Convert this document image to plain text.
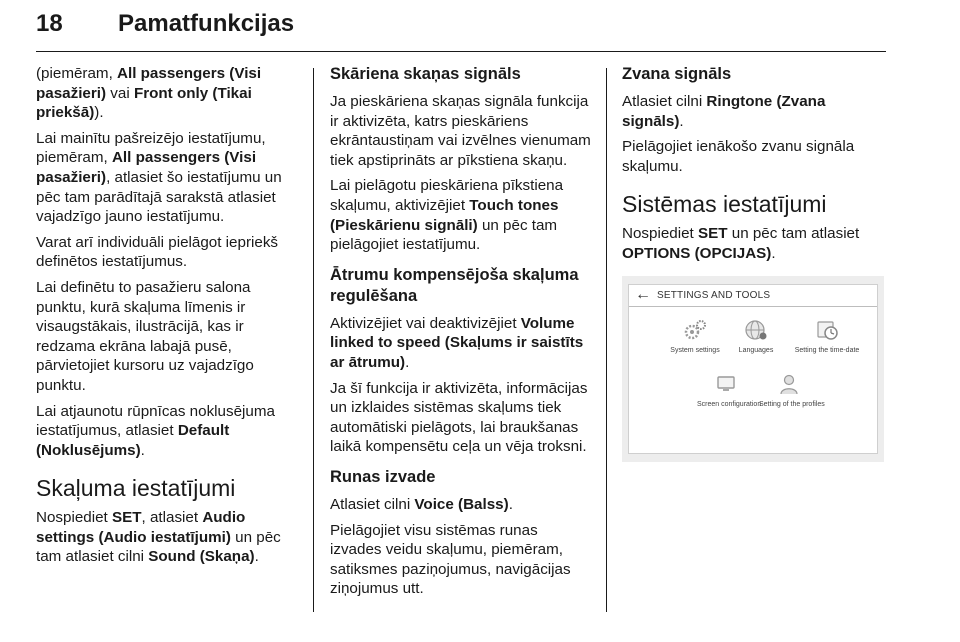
18 Pamatfunkcijas

(piemēram, All passengers (Visi pasažieri) vai Front only (Tikai priekšā)).

Lai mainītu pašreizējo iestatījumu, piemēram, All passengers (Visi pasažieri), atlasiet šo iestatījumu un pēc tam parādītajā sarakstā atlasiet vajadzīgo jauno iestatījumu.

Varat arī individuāli pielāgot iepriekš definētos iestatījumus.

Lai definētu to pasažieru salona punktu, kurā skaļuma līmenis ir visaugstākais, ilustrācijā, kas ir redzama ekrāna labajā pusē, pārvietojiet kursoru uz vajadzīgo punktu.

Lai atjaunotu rūpnīcas noklusējuma iestatījumus, atlasiet Default (Noklusējums).

Skaļuma iestatījumi

Nospiediet SET, atlasiet Audio settings (Audio iestatījumi) un pēc tam atlasiet cilni Sound (Skaņa).

Skāriena skaņas signāls

Ja pieskāriena skaņas signāla funkcija ir aktivizēta, katrs pieskāriens ekrāntaustiņam vai izvēlnes vienumam tiek apstiprināts ar pīkstiena skaņu.

Lai pielāgotu pieskāriena pīkstiena skaļumu, aktivizējiet Touch tones (Pieskārienu signāli) un pēc tam pielāgojiet iestatījumu.

Ātrumu kompensējoša skaļuma regulēšana

Aktivizējiet vai deaktivizējiet Volume linked to speed (Skaļums ir saistīts ar ātrumu).

Ja šī funkcija ir aktivizēta, informācijas un izklaides sistēmas skaļums tiek automātiski pielāgots, lai braukšanas laikā kompensētu ceļa un vēja troksni.

Runas izvade

Atlasiet cilni Voice (Balss).

Pielāgojiet visu sistēmas runas izvades veidu skaļumu, piemēram, satiksmes paziņojumus, navigācijas ziņojumus utt.

Zvana signāls

Atlasiet cilni Ringtone (Zvana signāls).

Pielāgojiet ienākošo zvanu signāla skaļumu.

Sistēmas iestatījumi

Nospiediet SET un pēc tam atlasiet OPTIONS (OPCIJAS).

← SETTINGS AND TOOLS
System settings	Languages	Setting the time-date
Screen configuration
Setting of the profiles
